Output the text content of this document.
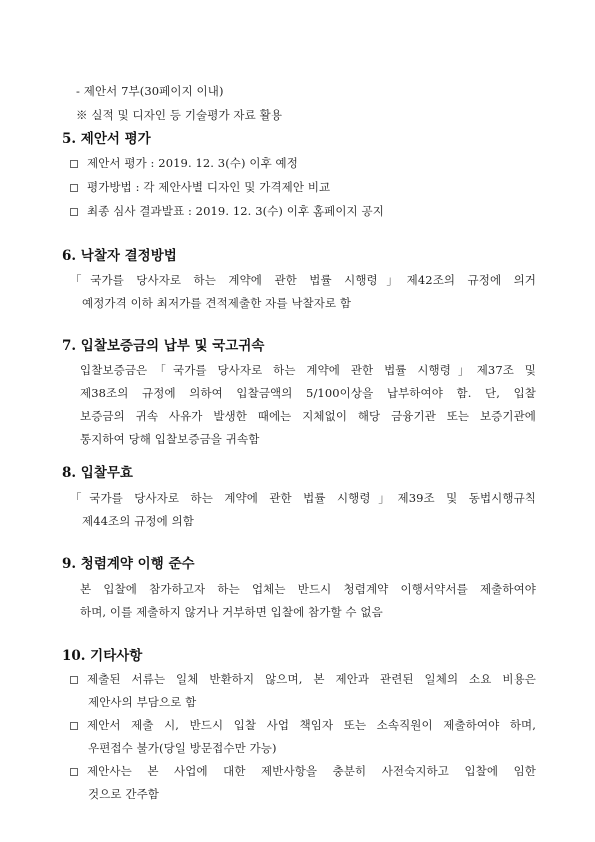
- 제안서 7부(30페이지 이내)
※ 실적 및 디자인 등 기술평가 자료 활용
5. 제안서 평가
제안서 평가 : 2019. 12. 3(수) 이후 예정
평가방법 : 각 제안사별 디자인 및 가격제안 비교
최종 심사 결과발표 : 2019. 12. 3(수) 이후 홈페이지 공지
6. 낙찰자 결정방법
「국가를 당사자로 하는 계약에 관한 법률 시행령」제42조의 규정에 의거
예정가격 이하 최저가를 견적제출한 자를 낙찰자로 함
7. 입찰보증금의 납부 및 국고귀속
입찰보증금은「국가를 당사자로 하는 계약에 관한 법률 시행령」제37조 및
제38조의 규정에 의하여 입찰금액의 5/100이상을 납부하여야 함. 단, 입찰
보증금의 귀속 사유가 발생한 때에는 지체없이 해당 금융기관 또는 보증기관에
통지하여 당해 입찰보증금을 귀속함
8. 입찰무효
「국가를 당사자로 하는 계약에 관한 법률 시행령」제39조 및 동법시행규칙
제44조의 규정에 의함
9. 청렴계약 이행 준수
본 입찰에 참가하고자 하는 업체는 반드시 청렴계약 이행서약서를 제출하여야
하며, 이를 제출하지 않거나 거부하면 입찰에 참가할 수 없음
10. 기타사항
제출된 서류는 일체 반환하지 않으며, 본 제안과 관련된 일체의 소요 비용은
제안사의 부담으로 함
제안서 제출 시, 반드시 입찰 사업 책임자 또는 소속직원이 제출하여야 하며,
우편접수 불가(당일 방문접수만 가능)
제안사는 본 사업에 대한 제반사항을 충분히 사전숙지하고 입찰에 임한
것으로 간주함
